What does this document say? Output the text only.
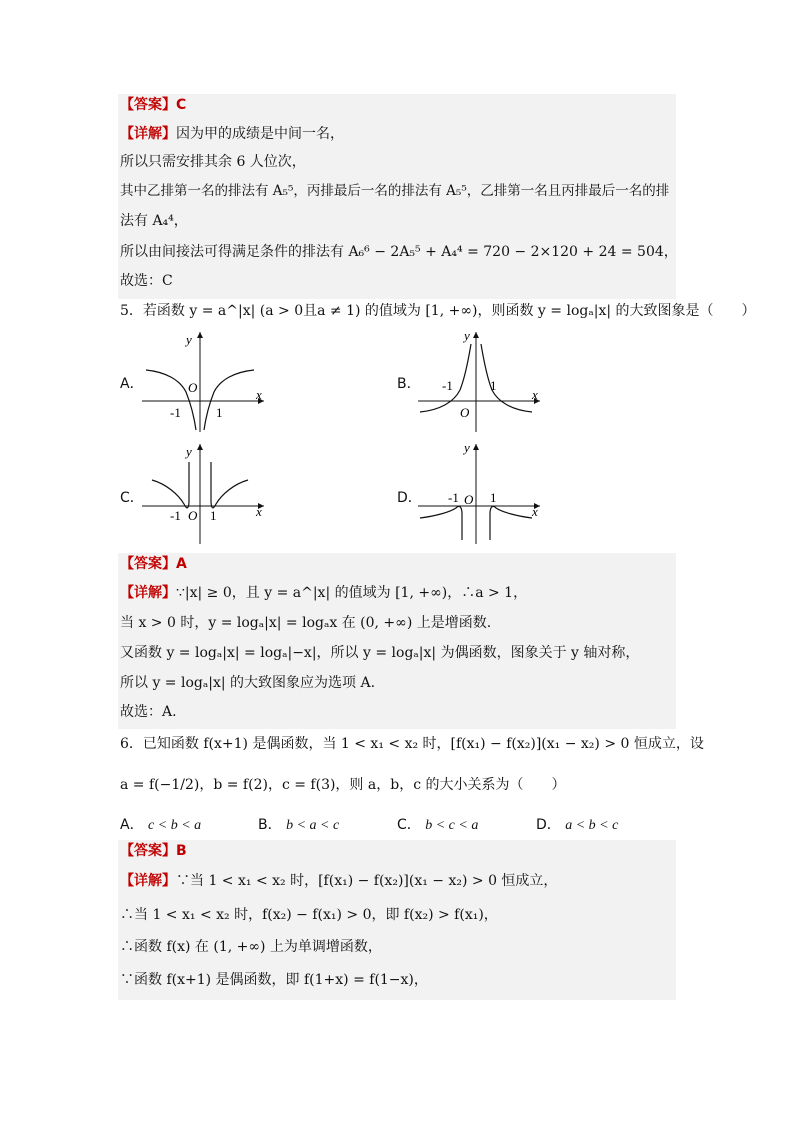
【答案】C
【详解】因为甲的成绩是中间一名，
所以只需安排其余 6 人位次，
其中乙排第一名的排法有 A₅⁵，丙排最后一名的排法有 A₅⁵，乙排第一名且丙排最后一名的排
法有 A₄⁴，
所以由间接法可得满足条件的排法有 A₆⁶ − 2A₅⁵ + A₄⁴ = 720 − 2×120 + 24 = 504，
故选：C
5．若函数 y = a^|x| (a > 0且a ≠ 1) 的值域为 [1, +∞)，则函数 y = logₐ|x| 的大致图象是（　　）
A．
y
x
O
-1	1
B．
y
x
O
-1	1
C．
y
x
O
-1 1
D．
y
x
O
-1 1
【答案】A
【详解】∵|x| ≥ 0，且 y = a^|x| 的值域为 [1, +∞)，∴a > 1，
当 x > 0 时，y = logₐ|x| = logₐx 在 (0, +∞) 上是增函数.
又函数 y = logₐ|x| = logₐ|−x|，所以 y = logₐ|x| 为偶函数，图象关于 y 轴对称，
所以 y = logₐ|x| 的大致图象应为选项 A.
故选：A.
6．已知函数 f(x+1) 是偶函数，当 1 < x₁ < x₂ 时，[f(x₁) − f(x₂)](x₁ − x₂) > 0 恒成立，设
a = f(−1/2)，b = f(2)，c = f(3)，则 a，b，c 的大小关系为（　　）
A． c < b < a	B． b < a < c	C． b < c < a	D． a < b < c
【答案】B
【详解】∵当 1 < x₁ < x₂ 时，[f(x₁) − f(x₂)](x₁ − x₂) > 0 恒成立，
∴当 1 < x₁ < x₂ 时，f(x₂) − f(x₁) > 0，即 f(x₂) > f(x₁)，
∴函数 f(x) 在 (1, +∞) 上为单调增函数，
∵函数 f(x+1) 是偶函数，即 f(1+x) = f(1−x)，
